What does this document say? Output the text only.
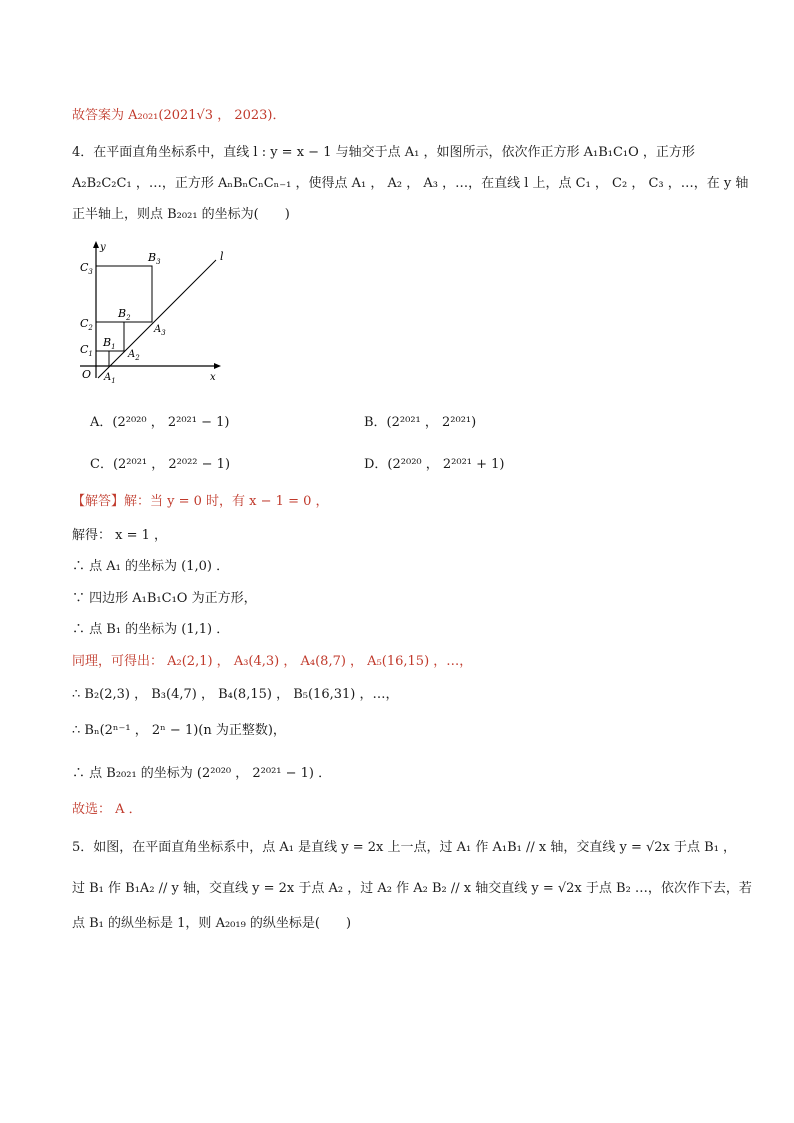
故答案为 A₂₀₂₁(2021√3 ， 2023)．
4．在平面直角坐标系中，直线 l : y = x − 1 与轴交于点 A₁ ，如图所示，依次作正方形 A₁B₁C₁O ，正方形
A₂B₂C₂C₁ ，…，正方形 AₙBₙCₙCₙ₋₁ ，使得点 A₁ ， A₂ ， A₃ ，…，在直线 l 上，点 C₁ ， C₂ ， C₃ ，…，在 y 轴
正半轴上，则点 B₂₀₂₁ 的坐标为(　　)
y
x
l
O
$C_1$
$C_2$
$C_3$
$B_1$
$B_2$
$B_3$
$A_1$
$A_2$
$A_3$
A．(2²⁰²⁰ ， 2²⁰²¹ − 1)	B．(2²⁰²¹ ， 2²⁰²¹)
C．(2²⁰²¹ ， 2²⁰²² − 1)	D．(2²⁰²⁰ ， 2²⁰²¹ + 1)
【解答】解：当 y = 0 时，有 x − 1 = 0 ，
解得： x = 1 ，
∴ 点 A₁ 的坐标为 (1,0) ．
∵ 四边形 A₁B₁C₁O 为正方形，
∴ 点 B₁ 的坐标为 (1,1) ．
同理，可得出： A₂(2,1) ， A₃(4,3) ， A₄(8,7) ， A₅(16,15) ，…，
∴ B₂(2,3) ， B₃(4,7) ， B₄(8,15) ， B₅(16,31) ，…，
∴ Bₙ(2ⁿ⁻¹ ， 2ⁿ − 1)(n 为正整数)，
∴ 点 B₂₀₂₁ 的坐标为 (2²⁰²⁰ ， 2²⁰²¹ − 1) ．
故选： A ．
5．如图，在平面直角坐标系中，点 A₁ 是直线 y = 2x 上一点，过 A₁ 作 A₁B₁ // x 轴，交直线 y = √2x 于点 B₁ ，
过 B₁ 作 B₁A₂ // y 轴，交直线 y = 2x 于点 A₂ ，过 A₂ 作 A₂ B₂ // x 轴交直线 y = √2x 于点 B₂ …，依次作下去，若
点 B₁ 的纵坐标是 1，则 A₂₀₁₉ 的纵坐标是(　　)
